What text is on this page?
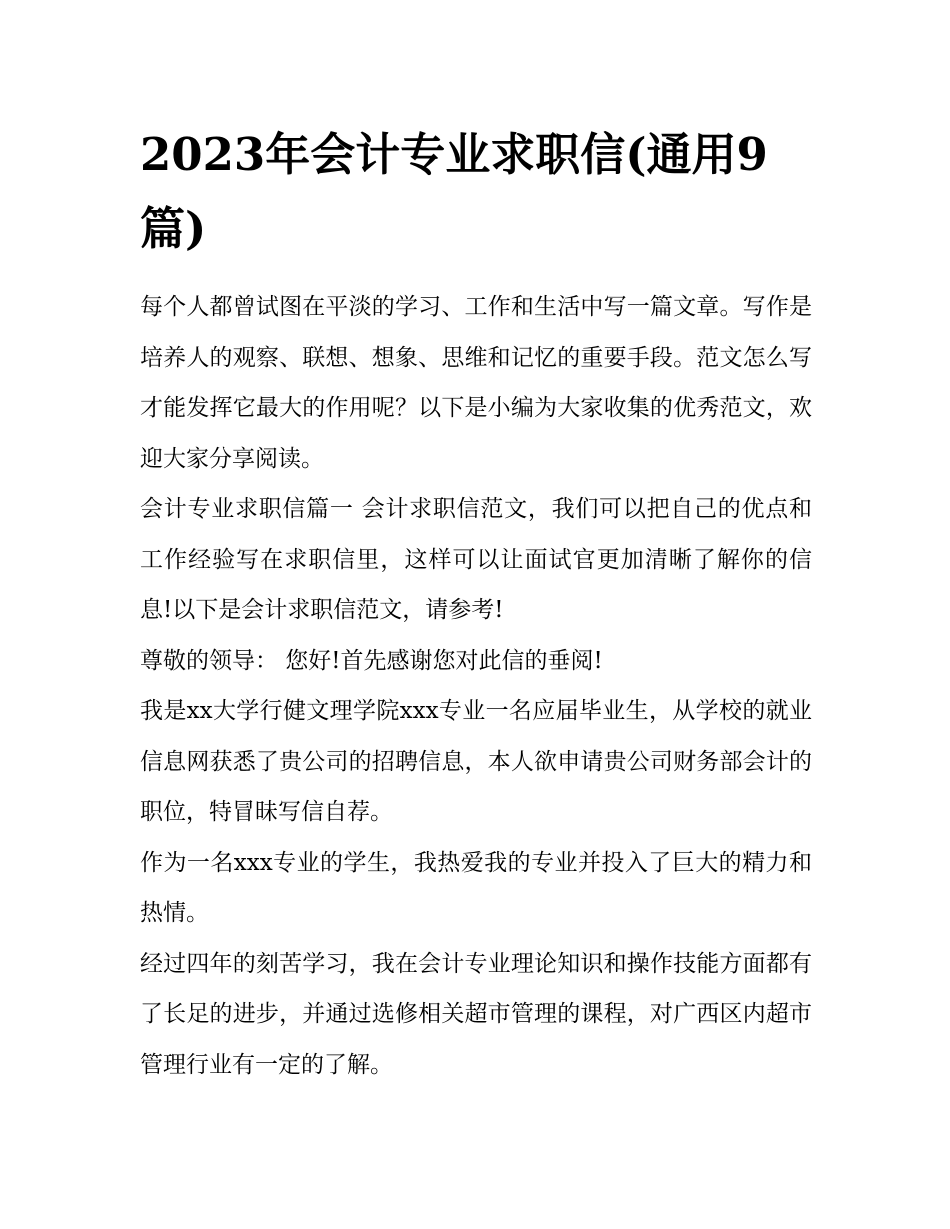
2023年会计专业求职信(通用9篇)

每个人都曾试图在平淡的学习、工作和生活中写一篇文章。写作是培养人的观察、联想、想象、思维和记忆的重要手段。范文怎么写才能发挥它最大的作用呢？以下是小编为大家收集的优秀范文，欢迎大家分享阅读。

会计专业求职信篇一 会计求职信范文，我们可以把自己的优点和工作经验写在求职信里，这样可以让面试官更加清晰了解你的信息!以下是会计求职信范文，请参考!

尊敬的领导： 您好!首先感谢您对此信的垂阅!

我是xx大学行健文理学院xxx专业一名应届毕业生，从学校的就业信息网获悉了贵公司的招聘信息，本人欲申请贵公司财务部会计的职位，特冒昧写信自荐。

作为一名xxx专业的学生，我热爱我的专业并投入了巨大的精力和热情。

经过四年的刻苦学习，我在会计专业理论知识和操作技能方面都有了长足的进步，并通过选修相关超市管理的课程，对广西区内超市管理行业有一定的了解。
